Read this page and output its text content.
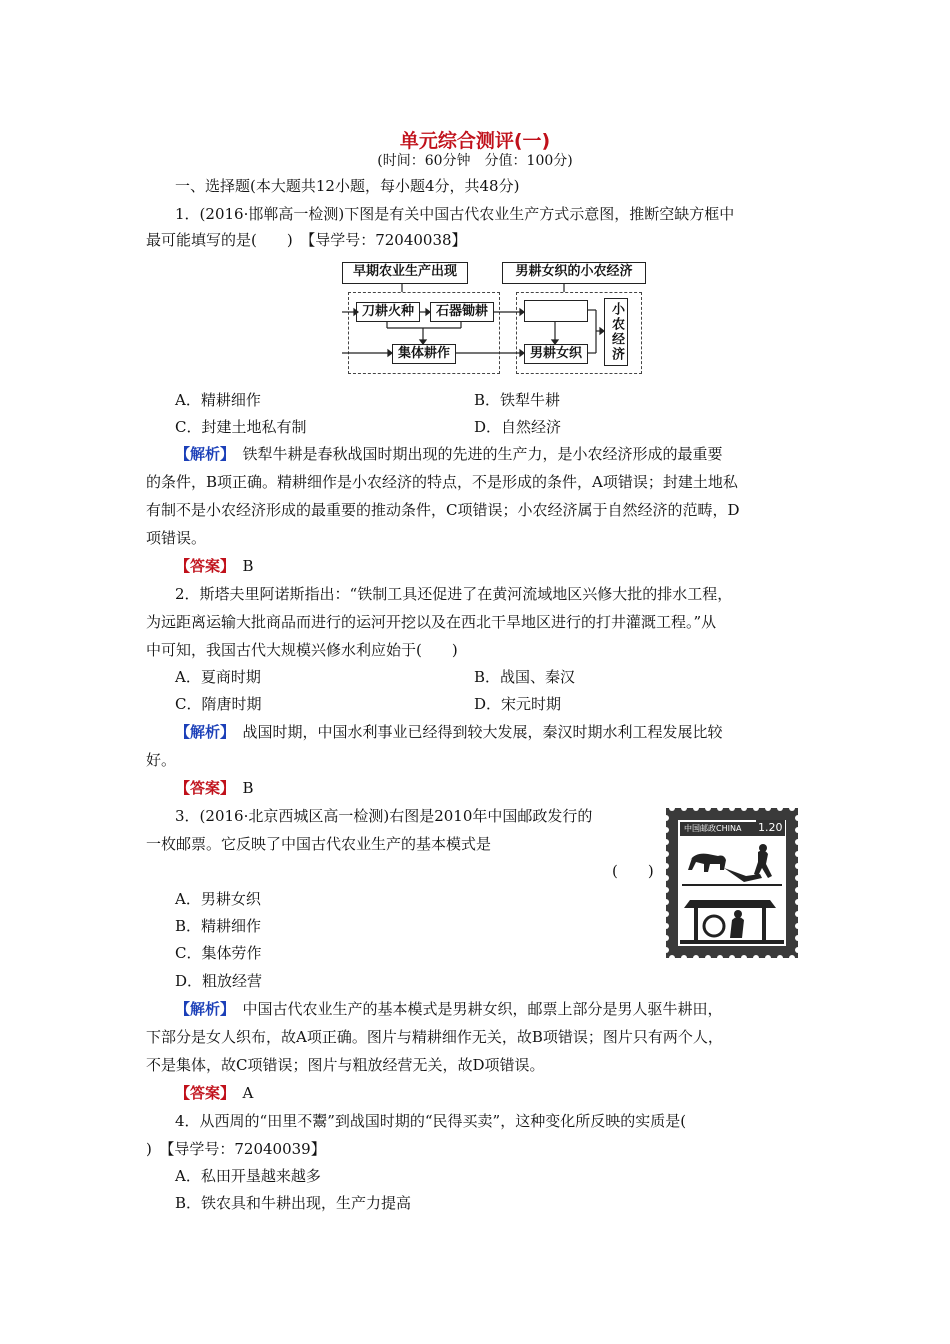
单元综合测评(一)
(时间：60分钟　分值：100分)
一、选择题(本大题共12小题，每小题4分，共48分)
1．(2016·邯郸高一检测)下图是有关中国古代农业生产方式示意图，推断空缺方框中
最可能填写的是(　　)　【导学号：72040038】
早期农业生产出现	男耕女织的小农经济
刀耕火种	石器锄耕
集体耕作	男耕女织	小农经济
A．精耕细作	B．铁犁牛耕
C．封建土地私有制	D．自然经济
【解析】　铁犁牛耕是春秋战国时期出现的先进的生产力，是小农经济形成的最重要
的条件，B项正确。精耕细作是小农经济的特点，不是形成的条件，A项错误；封建土地私
有制不是小农经济形成的最重要的推动条件，C项错误；小农经济属于自然经济的范畴，D
项错误。
【答案】　B
2．斯塔夫里阿诺斯指出：“铁制工具还促进了在黄河流域地区兴修大批的排水工程，
为远距离运输大批商品而进行的运河开挖以及在西北干旱地区进行的打井灌溉工程。”从
中可知，我国古代大规模兴修水利应始于(　　)
A．夏商时期	B．战国、秦汉
C．隋唐时期	D．宋元时期
【解析】　战国时期，中国水利事业已经得到较大发展，秦汉时期水利工程发展比较
好。
【答案】　B
3．(2016·北京西城区高一检测)右图是2010年中国邮政发行的
一枚邮票。它反映了中国古代农业生产的基本模式是
(　　)
A．男耕女织
B．精耕细作
C．集体劳作
D．粗放经营
中国邮政CHINA 1.20
【解析】　中国古代农业生产的基本模式是男耕女织，邮票上部分是男人驱牛耕田，
下部分是女人织布，故A项正确。图片与精耕细作无关，故B项错误；图片只有两个人，
不是集体，故C项错误；图片与粗放经营无关，故D项错误。
【答案】　A
4．从西周的“田里不鬻”到战国时期的“民得买卖”，这种变化所反映的实质是(
)　【导学号：72040039】
A．私田开垦越来越多
B．铁农具和牛耕出现，生产力提高
